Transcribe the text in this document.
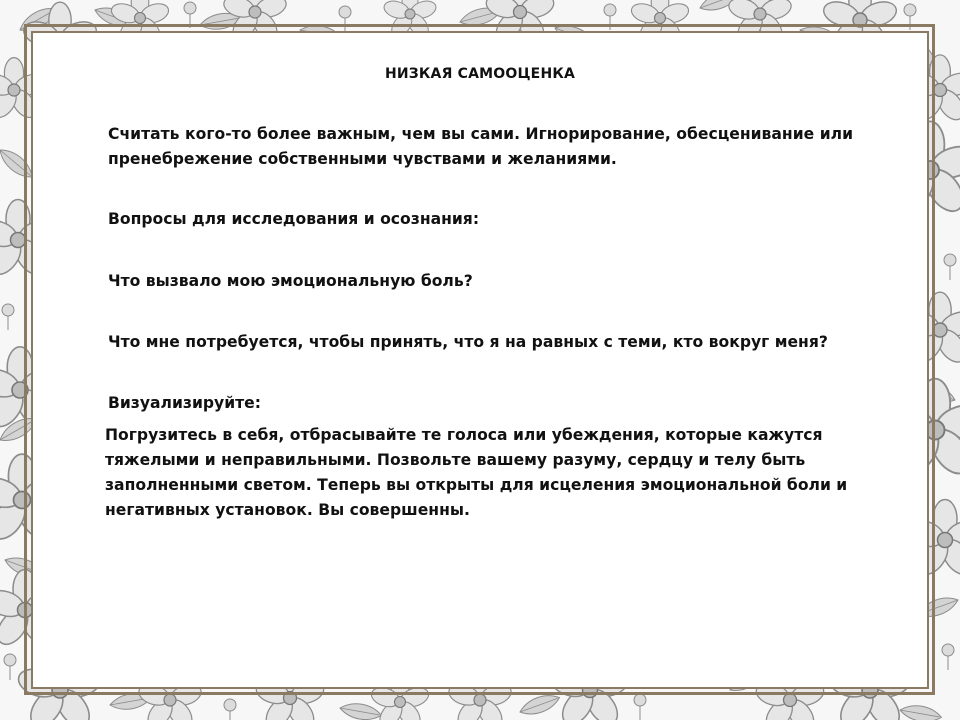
НИЗКАЯ САМООЦЕНКА
Считать кого-то более важным, чем вы сами. Игнорирование, обесценивание или пренебрежение собственными чувствами и желаниями.
Вопросы для исследования и осознания:
Что вызвало мою эмоциональную боль?
Что мне потребуется, чтобы принять, что я на равных с теми, кто вокруг меня?
Визуализируйте:
Погрузитесь в себя, отбрасывайте те голоса или убеждения, которые кажутся
тяжелыми и неправильными. Позвольте вашему разуму, сердцу и телу быть
заполненными светом. Теперь вы открыты для исцеления эмоциональной боли и
негативных установок. Вы совершенны.
